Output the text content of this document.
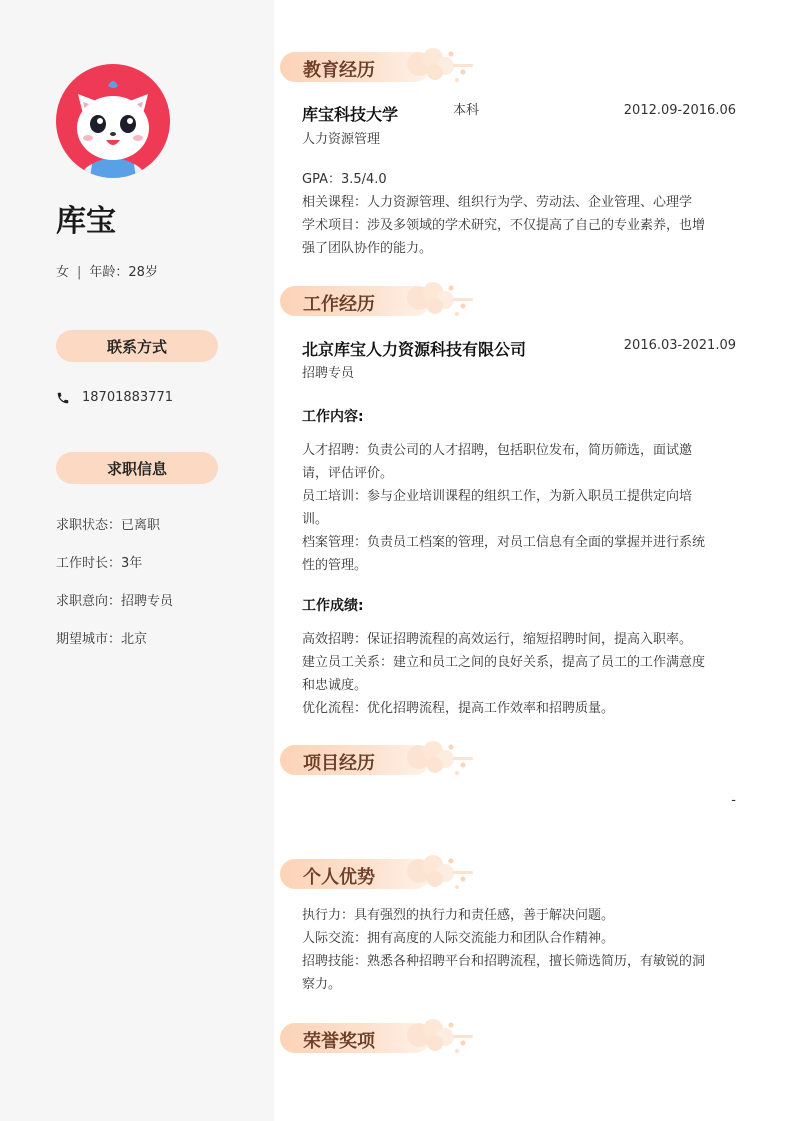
库宝
女 | 年龄：28岁
联系方式
18701883771
求职信息
求职状态：已离职
工作时长：3年
求职意向：招聘专员
期望城市：北京
教育经历
库宝科技大学	本科	2012.09-2016.06
人力资源管理
GPA：3.5/4.0
相关课程：人力资源管理、组织行为学、劳动法、企业管理、心理学
学术项目：涉及多领域的学术研究，不仅提高了自己的专业素养，也增
强了团队协作的能力。
工作经历
北京库宝人力资源科技有限公司	2016.03-2021.09
招聘专员
工作内容:
人才招聘：负责公司的人才招聘，包括职位发布，简历筛选，面试邀
请，评估评价。
员工培训：参与企业培训课程的组织工作，为新入职员工提供定向培
训。
档案管理：负责员工档案的管理，对员工信息有全面的掌握并进行系统
性的管理。
工作成绩:
高效招聘：保证招聘流程的高效运行，缩短招聘时间，提高入职率。
建立员工关系：建立和员工之间的良好关系，提高了员工的工作满意度
和忠诚度。
优化流程：优化招聘流程，提高工作效率和招聘质量。
项目经历
-
个人优势
执行力：具有强烈的执行力和责任感，善于解决问题。
人际交流：拥有高度的人际交流能力和团队合作精神。
招聘技能：熟悉各种招聘平台和招聘流程，擅长筛选简历，有敏锐的洞
察力。
荣誉奖项
